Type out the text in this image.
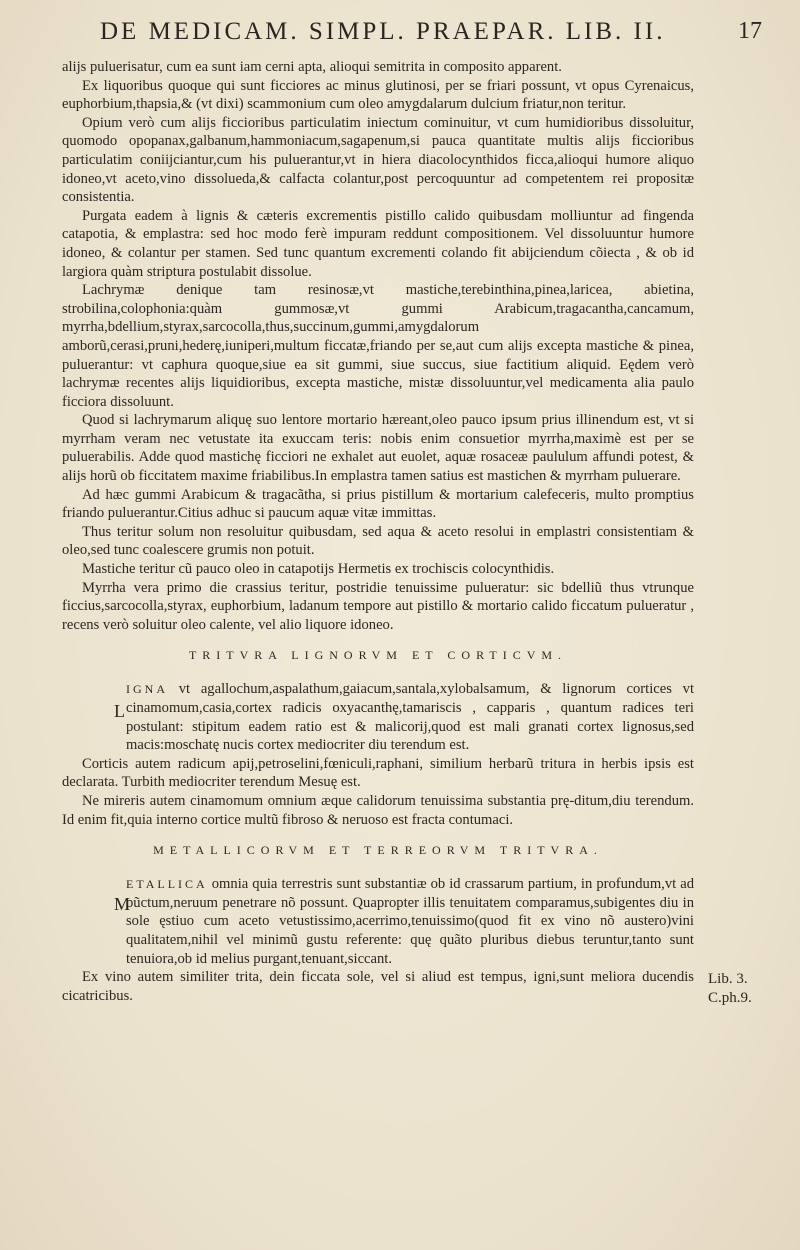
DE MEDICAM. SIMPL. PRAEPAR. LIB. II.	17

alijs puluerisatur, cum ea sunt iam cerni apta, alioqui semitrita in composito apparent.

Ex liquoribus quoque qui sunt ficciores ac minus glutinosi, per se friari possunt, vt opus Cyrenaicus, euphorbium,thapsia,& (vt dixi) scammonium cum oleo amygdalarum dulcium friatur,non teritur.

Opium verò cum alijs ficcioribus particulatim iniectum cominuitur, vt cum humidioribus dissoluitur, quomodo opopanax,galbanum,hammoniacum,sagapenum,si pauca quantitate multis alijs ficcioribus particulatim coniijciantur,cum his puluerantur,vt in hiera diacolocynthidos ficca,alioqui humore aliquo idoneo,vt aceto,vino dissolueda,& calfacta colantur,post percoquuntur ad competentem rei propositæ consistentia.

Purgata eadem à lignis & cæteris excrementis pistillo calido quibusdam molliuntur ad fingenda catapotia, & emplastra: sed hoc modo ferè impuram reddunt compositionem. Vel dissoluuntur humore idoneo, & colantur per stamen. Sed tunc quantum excrementi colando fit abijciendum cõiecta , & ob id largiora quàm striptura postulabit dissolue.

Lachrymæ denique tam resinosæ,vt mastiche,terebinthina,pinea,laricea, abietina, strobilina,colophonia:quàm gummosæ,vt gummi Arabicum,tragacantha,cancamum, myrrha,bdellium,styrax,sarcocolla,thus,succinum,gummi,amygdalorum amborũ,cerasi,pruni,hederę,iuniperi,multum ficcatæ,friando per se,aut cum alijs excepta mastiche & pinea, puluerantur: vt caphura quoque,siue ea sit gummi, siue succus, siue factitium aliquid. Eędem verò lachrymæ recentes alijs liquidioribus, excepta mastiche, mistæ dissoluuntur,vel medicamenta alia paulo ficciora dissoluunt.

Quod si lachrymarum aliquę suo lentore mortario hæreant,oleo pauco ipsum prius illinendum est, vt si myrrham veram nec vetustate ita exuccam teris: nobis enim consuetior myrrha,maximè est per se puluerabilis. Adde quod mastichę ficciori ne exhalet aut euolet, aquæ rosaceæ paululum affundi potest, & alijs horũ ob ficcitatem maxime friabilibus.In emplastra tamen satius est mastichen & myrrham puluerare.

Ad hæc gummi Arabicum & tragacãtha, si prius pistillum & mortarium calefeceris, multo promptius friando puluerantur.Citius adhuc si paucum aquæ vitæ immittas.

Thus teritur solum non resoluitur quibusdam, sed aqua & aceto resolui in emplastri consistentiam & oleo,sed tunc coalescere grumis non potuit.

Mastiche teritur cũ pauco oleo in catapotijs Hermetis ex trochiscis colocynthidis.

Myrrha vera primo die crassius teritur, postridie tenuissime pulueratur: sic bdelliũ thus vtrunque ficcius,sarcocolla,styrax, euphorbium, ladanum tempore aut pistillo & mortario calido ficcatum pulueratur , recens verò soluitur oleo calente, vel alio liquore idoneo.

TRITVRA LIGNORVM ET CORTICVM.
L

IGNA vt agallochum,aspalathum,gaiacum,santala,xylobalsamum, & lignorum cortices vt cinamomum,casia,cortex radicis oxyacanthę,tamariscis , capparis , quantum radices teri postulant: stipitum eadem ratio est & malicorij,quod est mali granati cortex lignosus,sed macis:moschatę nucis cortex mediocriter diu terendum est.

Corticis autem radicum apij,petroselini,fœniculi,raphani, similium herbarũ tritura in herbis ipsis est declarata. Turbith mediocriter terendum Mesuę est.

Ne mireris autem cinamomum omnium æque calidorum tenuissima substantia prę-ditum,diu terendum. Id enim fit,quia interno cortice multũ fibroso & neruoso est fracta contumaci.

METALLICORVM ET TERREORVM TRITVRA.
M

ETALLICA omnia quia terrestris sunt substantiæ ob id crassarum partium, in profundum,vt ad pũctum,neruum penetrare nõ possunt. Quapropter illis tenuitatem comparamus,subigentes diu in sole ęstiuo cum aceto vetustissimo,acerrimo,tenuissimo(quod fit ex vino nõ austero)vini qualitatem,nihil vel minimũ gustu referente: quę quãto pluribus diebus teruntur,tanto sunt tenuiora,ob id melius purgant,tenuant,siccant.

Ex vino autem similiter trita, dein ficcata sole, vel si aliud est tempus, igni,sunt meliora ducendis cicatricibus.

Lib. 3.
C.ph.9.
